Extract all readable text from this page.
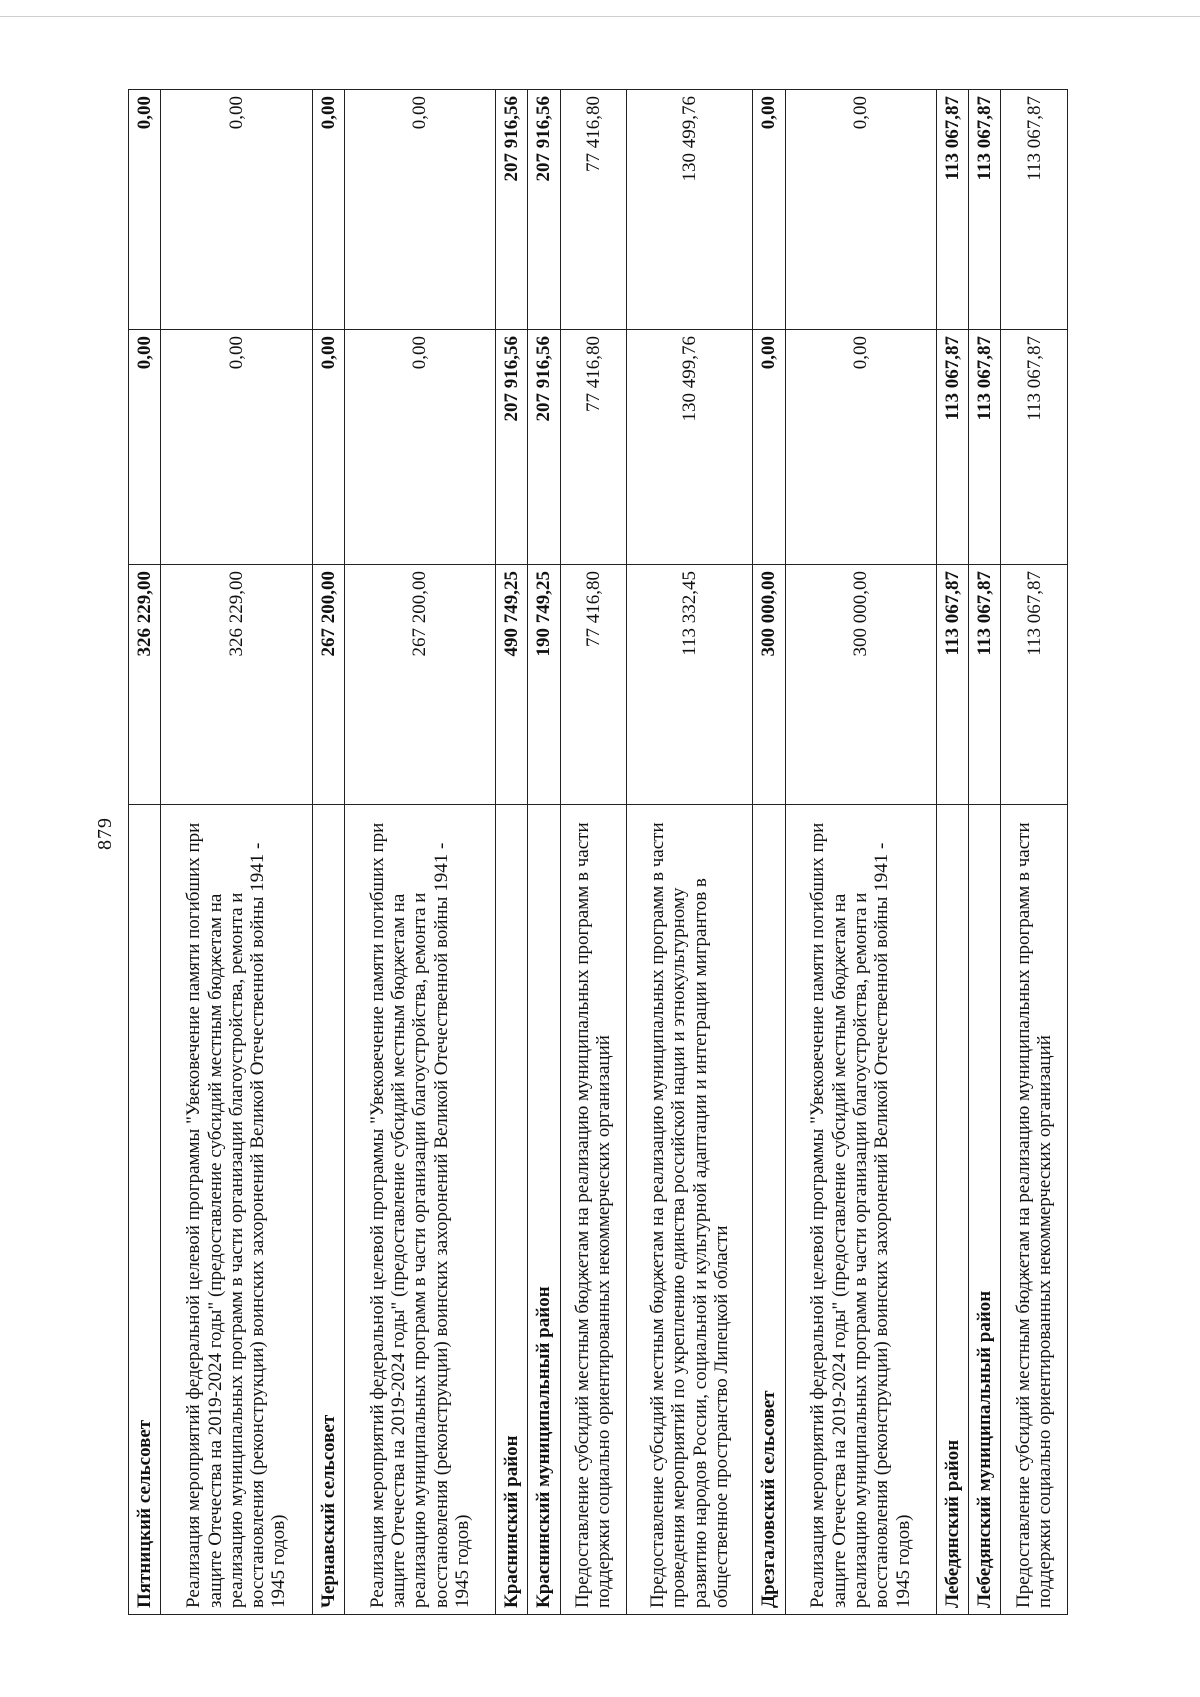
879
Пятницкий сельсовет	326 229,00	0,00	0,00
Реализация мероприятий федеральной целевой программы "Увековечение памяти погибших при защите Отечества на 2019-2024 годы" (предоставление субсидий местным бюджетам на реализацию муниципальных программ в части организации благоустройства, ремонта и восстановления (реконструкции) воинских захоронений Великой Отечественной войны 1941 - 1945 годов)	326 229,00	0,00	0,00
Чернавский сельсовет	267 200,00	0,00	0,00
Реализация мероприятий федеральной целевой программы "Увековечение памяти погибших при защите Отечества на 2019-2024 годы" (предоставление субсидий местным бюджетам на реализацию муниципальных программ в части организации благоустройства, ремонта и восстановления (реконструкции) воинских захоронений Великой Отечественной войны 1941 - 1945 годов)	267 200,00	0,00	0,00
Краснинский район	490 749,25	207 916,56	207 916,56
Краснинский муниципальный район	190 749,25	207 916,56	207 916,56
Предоставление субсидий местным бюджетам на реализацию муниципальных программ в части поддержки социально ориентированных некоммерческих организаций	77 416,80	77 416,80	77 416,80
Предоставление субсидий местным бюджетам на реализацию муниципальных программ в части проведения мероприятий по укреплению единства российской нации и этнокультурному развитию народов России, социальной и культурной адаптации и интеграции мигрантов в общественное пространство Липецкой области	113 332,45	130 499,76	130 499,76
Дрезгаловский сельсовет	300 000,00	0,00	0,00
Реализация мероприятий федеральной целевой программы "Увековечение памяти погибших при защите Отечества на 2019-2024 годы" (предоставление субсидий местным бюджетам на реализацию муниципальных программ в части организации благоустройства, ремонта и восстановления (реконструкции) воинских захоронений Великой Отечественной войны 1941 - 1945 годов)	300 000,00	0,00	0,00
Лебедянский район	113 067,87	113 067,87	113 067,87
Лебедянский муниципальный район	113 067,87	113 067,87	113 067,87
Предоставление субсидий местным бюджетам на реализацию муниципальных программ в части поддержки социально ориентированных некоммерческих организаций	113 067,87	113 067,87	113 067,87
